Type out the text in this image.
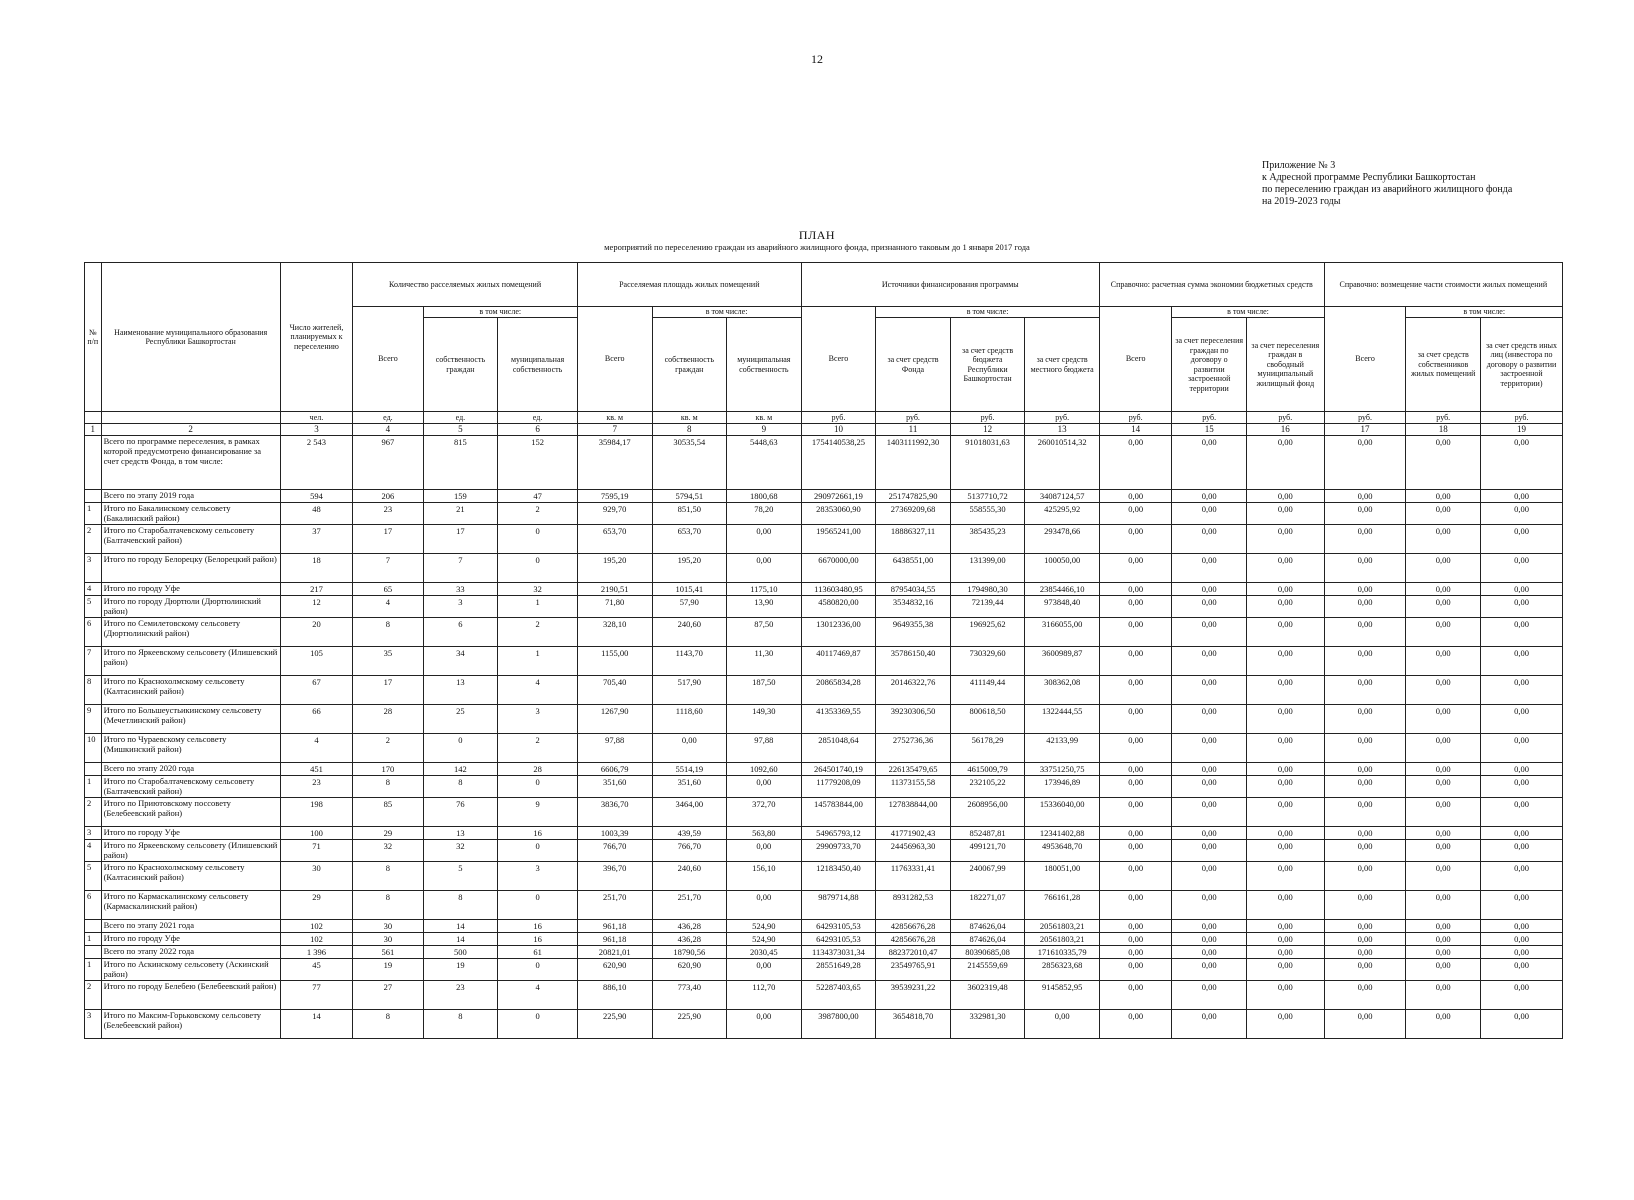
12
Приложение № 3
к Адресной программе Республики Башкортостан
по переселению граждан из аварийного жилищного фонда
на 2019-2023 годы
ПЛАН
мероприятий по переселению граждан из аварийного жилищного фонда, признанного таковым до 1 января 2017 года
№ п/п	Наименование муниципального образования Республики Башкортостан	Число жителей, планируемых к переселению	Количество расселяемых жилых помещений			Расселяемая площадь жилых помещений			Источники финансирования программы				Справочно: расчетная сумма экономии бюджетных средств			Справочно: возмещение части стоимости жилых помещений		
			Всего	в том числе:		Всего	в том числе:		Всего	в том числе:			Всего	в том числе:		Всего	в том числе:	
				собственность граждан	муниципальная собственность		собственность граждан	муниципальная собственность		за счет средств Фонда	за счет средств бюджета Республики Башкортостан	за счет средств местного бюджета		за счет переселения граждан по договору о развитии застроенной территории	за счет переселения граждан в свободный муниципальный жилищный фонд		за счет средств собственников жилых помещений	за счет средств иных лиц (инвестора по договору о развитии застроенной территории)
		чел.	ед.	ед.	ед.	кв. м	кв. м	кв. м	руб.	руб.	руб.	руб.	руб.	руб.	руб.	руб.	руб.	руб.
1	2	3	4	5	6	7	8	9	10	11	12	13	14	15	16	17	18	19
	Всего по программе переселения, в рамках которой предусмотрено финансирование за счет средств Фонда, в том числе:	2 543	967	815	152	35984,17	30535,54	5448,63	1754140538,25	1403111992,30	91018031,63	260010514,32	0,00	0,00	0,00	0,00	0,00	0,00
	Всего по этапу 2019 года	594	206	159	47	7595,19	5794,51	1800,68	290972661,19	251747825,90	5137710,72	34087124,57	0,00	0,00	0,00	0,00	0,00	0,00
1	Итого по Бакалинскому сельсовету (Бакалинский район)	48	23	21	2	929,70	851,50	78,20	28353060,90	27369209,68	558555,30	425295,92	0,00	0,00	0,00	0,00	0,00	0,00
2	Итого по Старобалтачевскому сельсовету (Балтачевский район)	37	17	17	0	653,70	653,70	0,00	19565241,00	18886327,11	385435,23	293478,66	0,00	0,00	0,00	0,00	0,00	0,00
3	Итого по городу Белорецку (Белорецкий район)	18	7	7	0	195,20	195,20	0,00	6670000,00	6438551,00	131399,00	100050,00	0,00	0,00	0,00	0,00	0,00	0,00
4	Итого по городу Уфе	217	65	33	32	2190,51	1015,41	1175,10	113603480,95	87954034,55	1794980,30	23854466,10	0,00	0,00	0,00	0,00	0,00	0,00
5	Итого по городу Дюртюли (Дюртюлинский район)	12	4	3	1	71,80	57,90	13,90	4580820,00	3534832,16	72139,44	973848,40	0,00	0,00	0,00	0,00	0,00	0,00
6	Итого по Семилетовскому сельсовету (Дюртюлинский район)	20	8	6	2	328,10	240,60	87,50	13012336,00	9649355,38	196925,62	3166055,00	0,00	0,00	0,00	0,00	0,00	0,00
7	Итого по Яркеевскому сельсовету (Илишевский район)	105	35	34	1	1155,00	1143,70	11,30	40117469,87	35786150,40	730329,60	3600989,87	0,00	0,00	0,00	0,00	0,00	0,00
8	Итого по Краснохолмскому сельсовету (Калтасинский район)	67	17	13	4	705,40	517,90	187,50	20865834,28	20146322,76	411149,44	308362,08	0,00	0,00	0,00	0,00	0,00	0,00
9	Итого по Большеустьикинскому сельсовету (Мечетлинский район)	66	28	25	3	1267,90	1118,60	149,30	41353369,55	39230306,50	800618,50	1322444,55	0,00	0,00	0,00	0,00	0,00	0,00
10	Итого по Чураевскому сельсовету (Мишкинский район)	4	2	0	2	97,88	0,00	97,88	2851048,64	2752736,36	56178,29	42133,99	0,00	0,00	0,00	0,00	0,00	0,00
	Всего по этапу 2020 года	451	170	142	28	6606,79	5514,19	1092,60	264501740,19	226135479,65	4615009,79	33751250,75	0,00	0,00	0,00	0,00	0,00	0,00
1	Итого по Старобалтачевскому сельсовету (Балтачевский район)	23	8	8	0	351,60	351,60	0,00	11779208,09	11373155,58	232105,22	173946,89	0,00	0,00	0,00	0,00	0,00	0,00
2	Итого по Приютовскому поссовету (Белебеевский район)	198	85	76	9	3836,70	3464,00	372,70	145783844,00	127838844,00	2608956,00	15336040,00	0,00	0,00	0,00	0,00	0,00	0,00
3	Итого по городу Уфе	100	29	13	16	1003,39	439,59	563,80	54965793,12	41771902,43	852487,81	12341402,88	0,00	0,00	0,00	0,00	0,00	0,00
4	Итого по Яркеевскому сельсовету (Илишевский район)	71	32	32	0	766,70	766,70	0,00	29909733,70	24456963,30	499121,70	4953648,70	0,00	0,00	0,00	0,00	0,00	0,00
5	Итого по Краснохолмскому сельсовету (Калтасинский район)	30	8	5	3	396,70	240,60	156,10	12183450,40	11763331,41	240067,99	180051,00	0,00	0,00	0,00	0,00	0,00	0,00
6	Итого по Кармаскалинскому сельсовету (Кармаскалинский район)	29	8	8	0	251,70	251,70	0,00	9879714,88	8931282,53	182271,07	766161,28	0,00	0,00	0,00	0,00	0,00	0,00
	Всего по этапу 2021 года	102	30	14	16	961,18	436,28	524,90	64293105,53	42856676,28	874626,04	20561803,21	0,00	0,00	0,00	0,00	0,00	0,00
1	Итого по городу Уфе	102	30	14	16	961,18	436,28	524,90	64293105,53	42856676,28	874626,04	20561803,21	0,00	0,00	0,00	0,00	0,00	0,00
	Всего по этапу 2022 года	1 396	561	500	61	20821,01	18790,56	2030,45	1134373031,34	882372010,47	80390685,08	171610335,79	0,00	0,00	0,00	0,00	0,00	0,00
1	Итого по Аскинскому сельсовету (Аскинский район)	45	19	19	0	620,90	620,90	0,00	28551649,28	23549765,91	2145559,69	2856323,68	0,00	0,00	0,00	0,00	0,00	0,00
2	Итого по городу Белебею (Белебеевский район)	77	27	23	4	886,10	773,40	112,70	52287403,65	39539231,22	3602319,48	9145852,95	0,00	0,00	0,00	0,00	0,00	0,00
3	Итого по Максим-Горьковскому сельсовету (Белебеевский район)	14	8	8	0	225,90	225,90	0,00	3987800,00	3654818,70	332981,30	0,00	0,00	0,00	0,00	0,00	0,00	0,00
